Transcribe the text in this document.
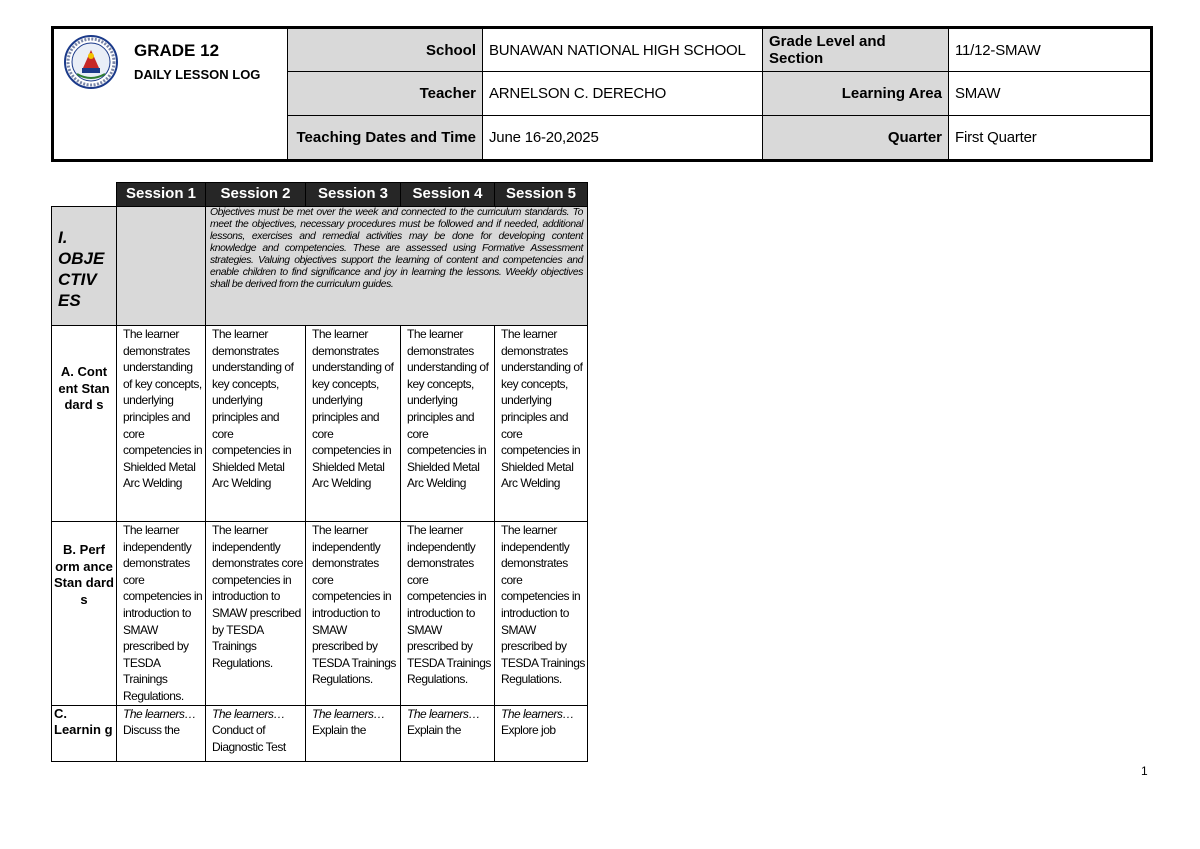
GRADE 12
DAILY LESSON LOG
School BUNAWAN NATIONAL HIGH SCHOOL	Grade Level and Section	11/12-SMAW
Teacher ARNELSON C. DERECHO	Learning Area SMAW
Teaching Dates and Time June 16-20,2025	Quarter First Quarter
	Session 1	Session 2	Session 3	Session 4	Session 5
I. OBJE CTIV ES		Objectives must be met over the week and connected to the curriculum standards. To meet the objectives, necessary procedures must be followed and if needed, additional lessons, exercises and remedial activities may be done for developing content knowledge and competencies. These are assessed using Formative Assessment strategies. Valuing objectives support the learning of content and competencies and enable children to find significance and joy in learning the lessons. Weekly objectives shall be derived from the curriculum guides.			
A. Cont ent Stan dard s	The learner demonstrates understanding of key concepts, underlying principles and core competencies in Shielded Metal Arc Welding	The learner demonstrates understanding of key concepts, underlying principles and core competencies in Shielded Metal Arc Welding	The learner demonstrates understanding of key concepts, underlying principles and core competencies in Shielded Metal Arc Welding	The learner demonstrates understanding of key concepts, underlying principles and core competencies in Shielded Metal Arc Welding	The learner demonstrates understanding of key concepts, underlying principles and core competencies in Shielded Metal Arc Welding
B. Perf orm ance Stan dard s	The learner independently demonstrates core competencies in introduction to SMAW prescribed by TESDA Trainings Regulations.	The learner independently demonstrates core competencies in introduction to SMAW prescribed by TESDA Trainings Regulations.	The learner independently demonstrates core competencies in introduction to SMAW prescribed by TESDA Trainings Regulations.	The learner independently demonstrates core competencies in introduction to SMAW prescribed by TESDA Trainings Regulations.	The learner independently demonstrates core competencies in introduction to SMAW prescribed by TESDA Trainings Regulations.
C. Learnin g	The learners… Discuss the	The learners… Conduct of Diagnostic Test	The learners… Explain the	The learners… Explain the	The learners… Explore job
1
